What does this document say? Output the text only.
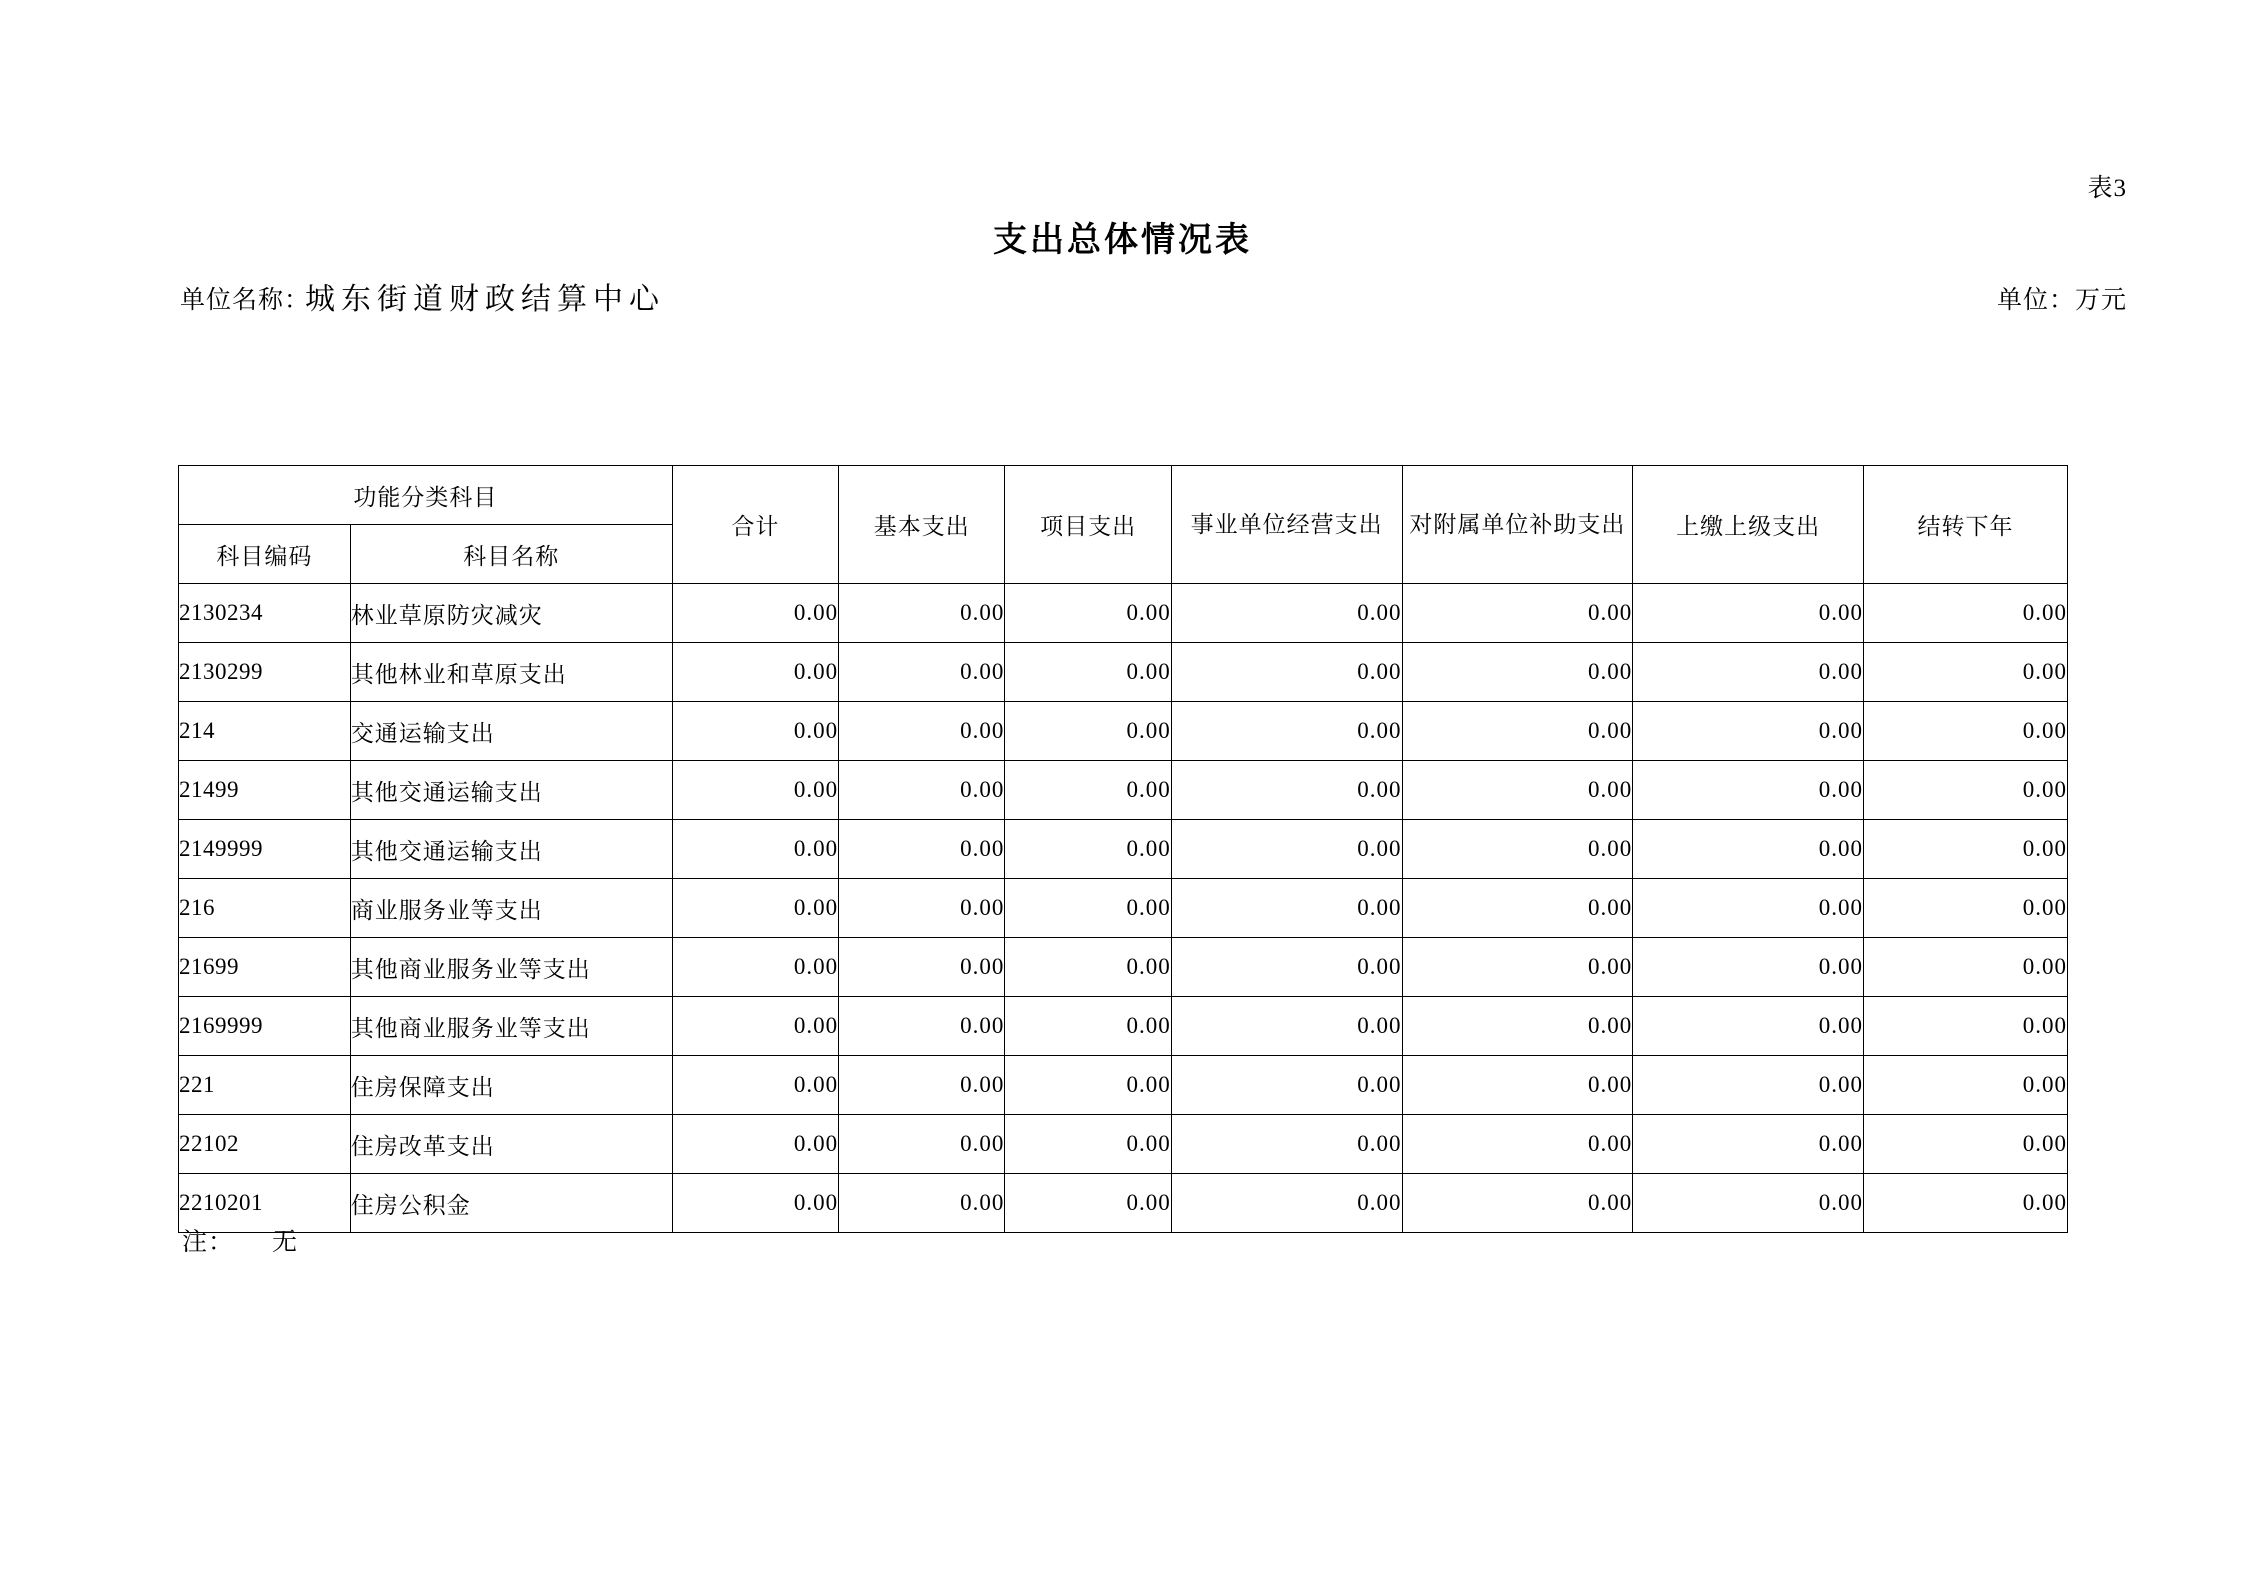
表3
支出总体情况表
单位名称：
城东街道财政结算中心	单位：万元
功能分类科目		合计	基本支出	项目支出	事业单位经营支出	对附属单位补助支出	上缴上级支出	结转下年
科目编码	科目名称							
2130234	林业草原防灾减灾	0.00	0.00	0.00	0.00	0.00	0.00	0.00
2130299	其他林业和草原支出	0.00	0.00	0.00	0.00	0.00	0.00	0.00
214	交通运输支出	0.00	0.00	0.00	0.00	0.00	0.00	0.00
21499	其他交通运输支出	0.00	0.00	0.00	0.00	0.00	0.00	0.00
2149999	其他交通运输支出	0.00	0.00	0.00	0.00	0.00	0.00	0.00
216	商业服务业等支出	0.00	0.00	0.00	0.00	0.00	0.00	0.00
21699	其他商业服务业等支出	0.00	0.00	0.00	0.00	0.00	0.00	0.00
2169999	其他商业服务业等支出	0.00	0.00	0.00	0.00	0.00	0.00	0.00
221	住房保障支出	0.00	0.00	0.00	0.00	0.00	0.00	0.00
22102	住房改革支出	0.00	0.00	0.00	0.00	0.00	0.00	0.00
2210201	住房公积金	0.00	0.00	0.00	0.00	0.00	0.00	0.00
注： 无
